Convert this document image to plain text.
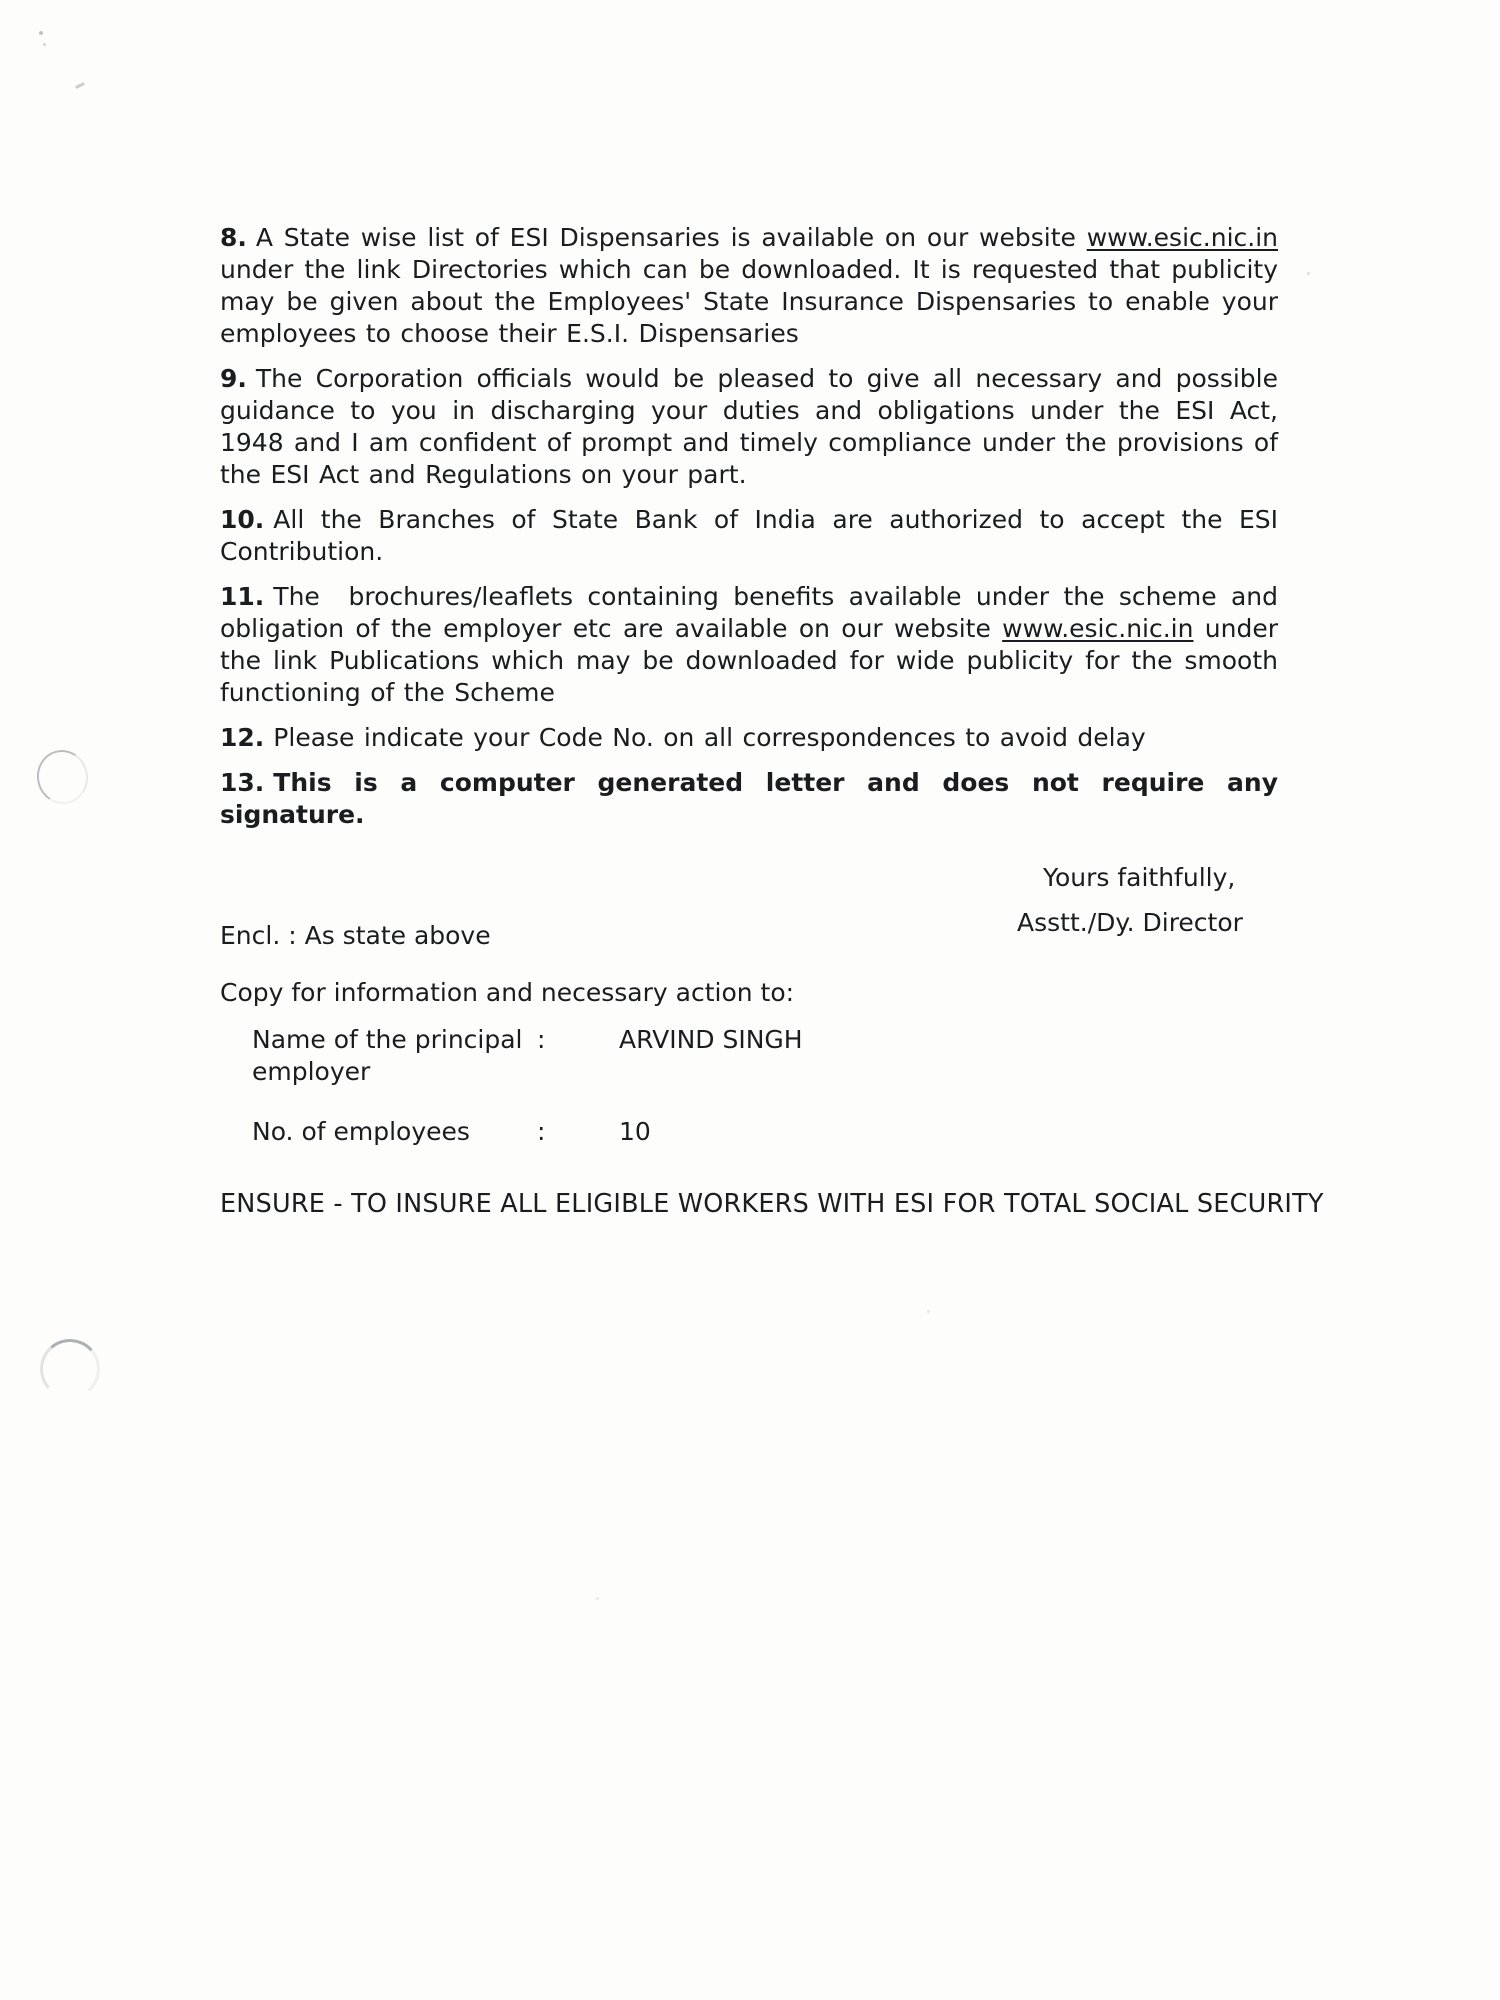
8. A State wise list of ESI Dispensaries is available on our website www.esic.nic.in under the link Directories which can be downloaded. It is requested that publicity may be given about the Employees' State Insurance Dispensaries to enable your employees to choose their E.S.I. Dispensaries

9. The Corporation officials would be pleased to give all necessary and possible guidance to you in discharging your duties and obligations under the ESI Act, 1948 and I am confident of prompt and timely compliance under the provisions of the ESI Act and Regulations on your part.

10. All the Branches of State Bank of India are authorized to accept the ESI Contribution.

11. The  brochures/leaflets containing benefits available under the scheme and obligation of the employer etc are available on our website www.esic.nic.in under the link Publications which may be downloaded for wide publicity for the smooth functioning of the Scheme

12. Please indicate your Code No. on all correspondences to avoid delay

13. This is a computer generated letter and does not require any signature.

Yours faithfully,
Encl. : As state above	Asstt./Dy. Director
Copy for information and necessary action to:
Name of the principal employer
:	ARVIND SINGH
No. of employees	:	10
ENSURE - TO INSURE ALL ELIGIBLE WORKERS WITH ESI FOR TOTAL SOCIAL SECURITY
